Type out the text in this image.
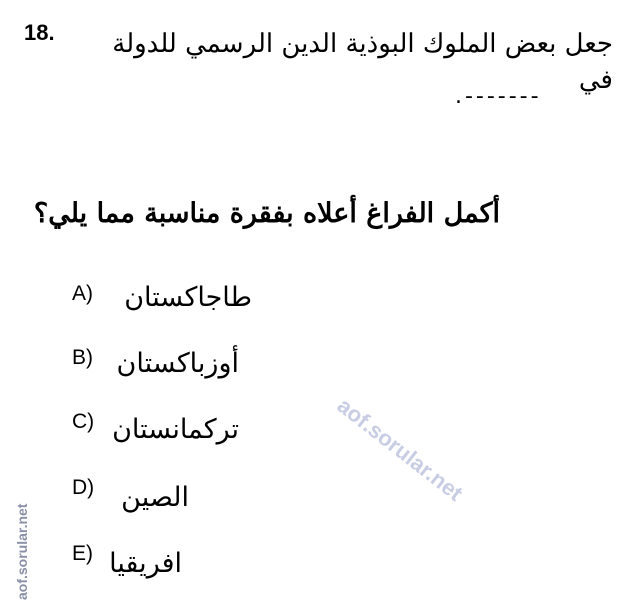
18.	جعل بعض الملوك البوذية الدين الرسمي للدولة في
.-------
أكمل الفراغ أعلاه بفقرة مناسبة مما يلي؟
A) طاجاكستان
B) أوزباكستان
C) تركمانستان
D) الصين
E) افريقيا
aof.sorular.net
aof.sorular.net
